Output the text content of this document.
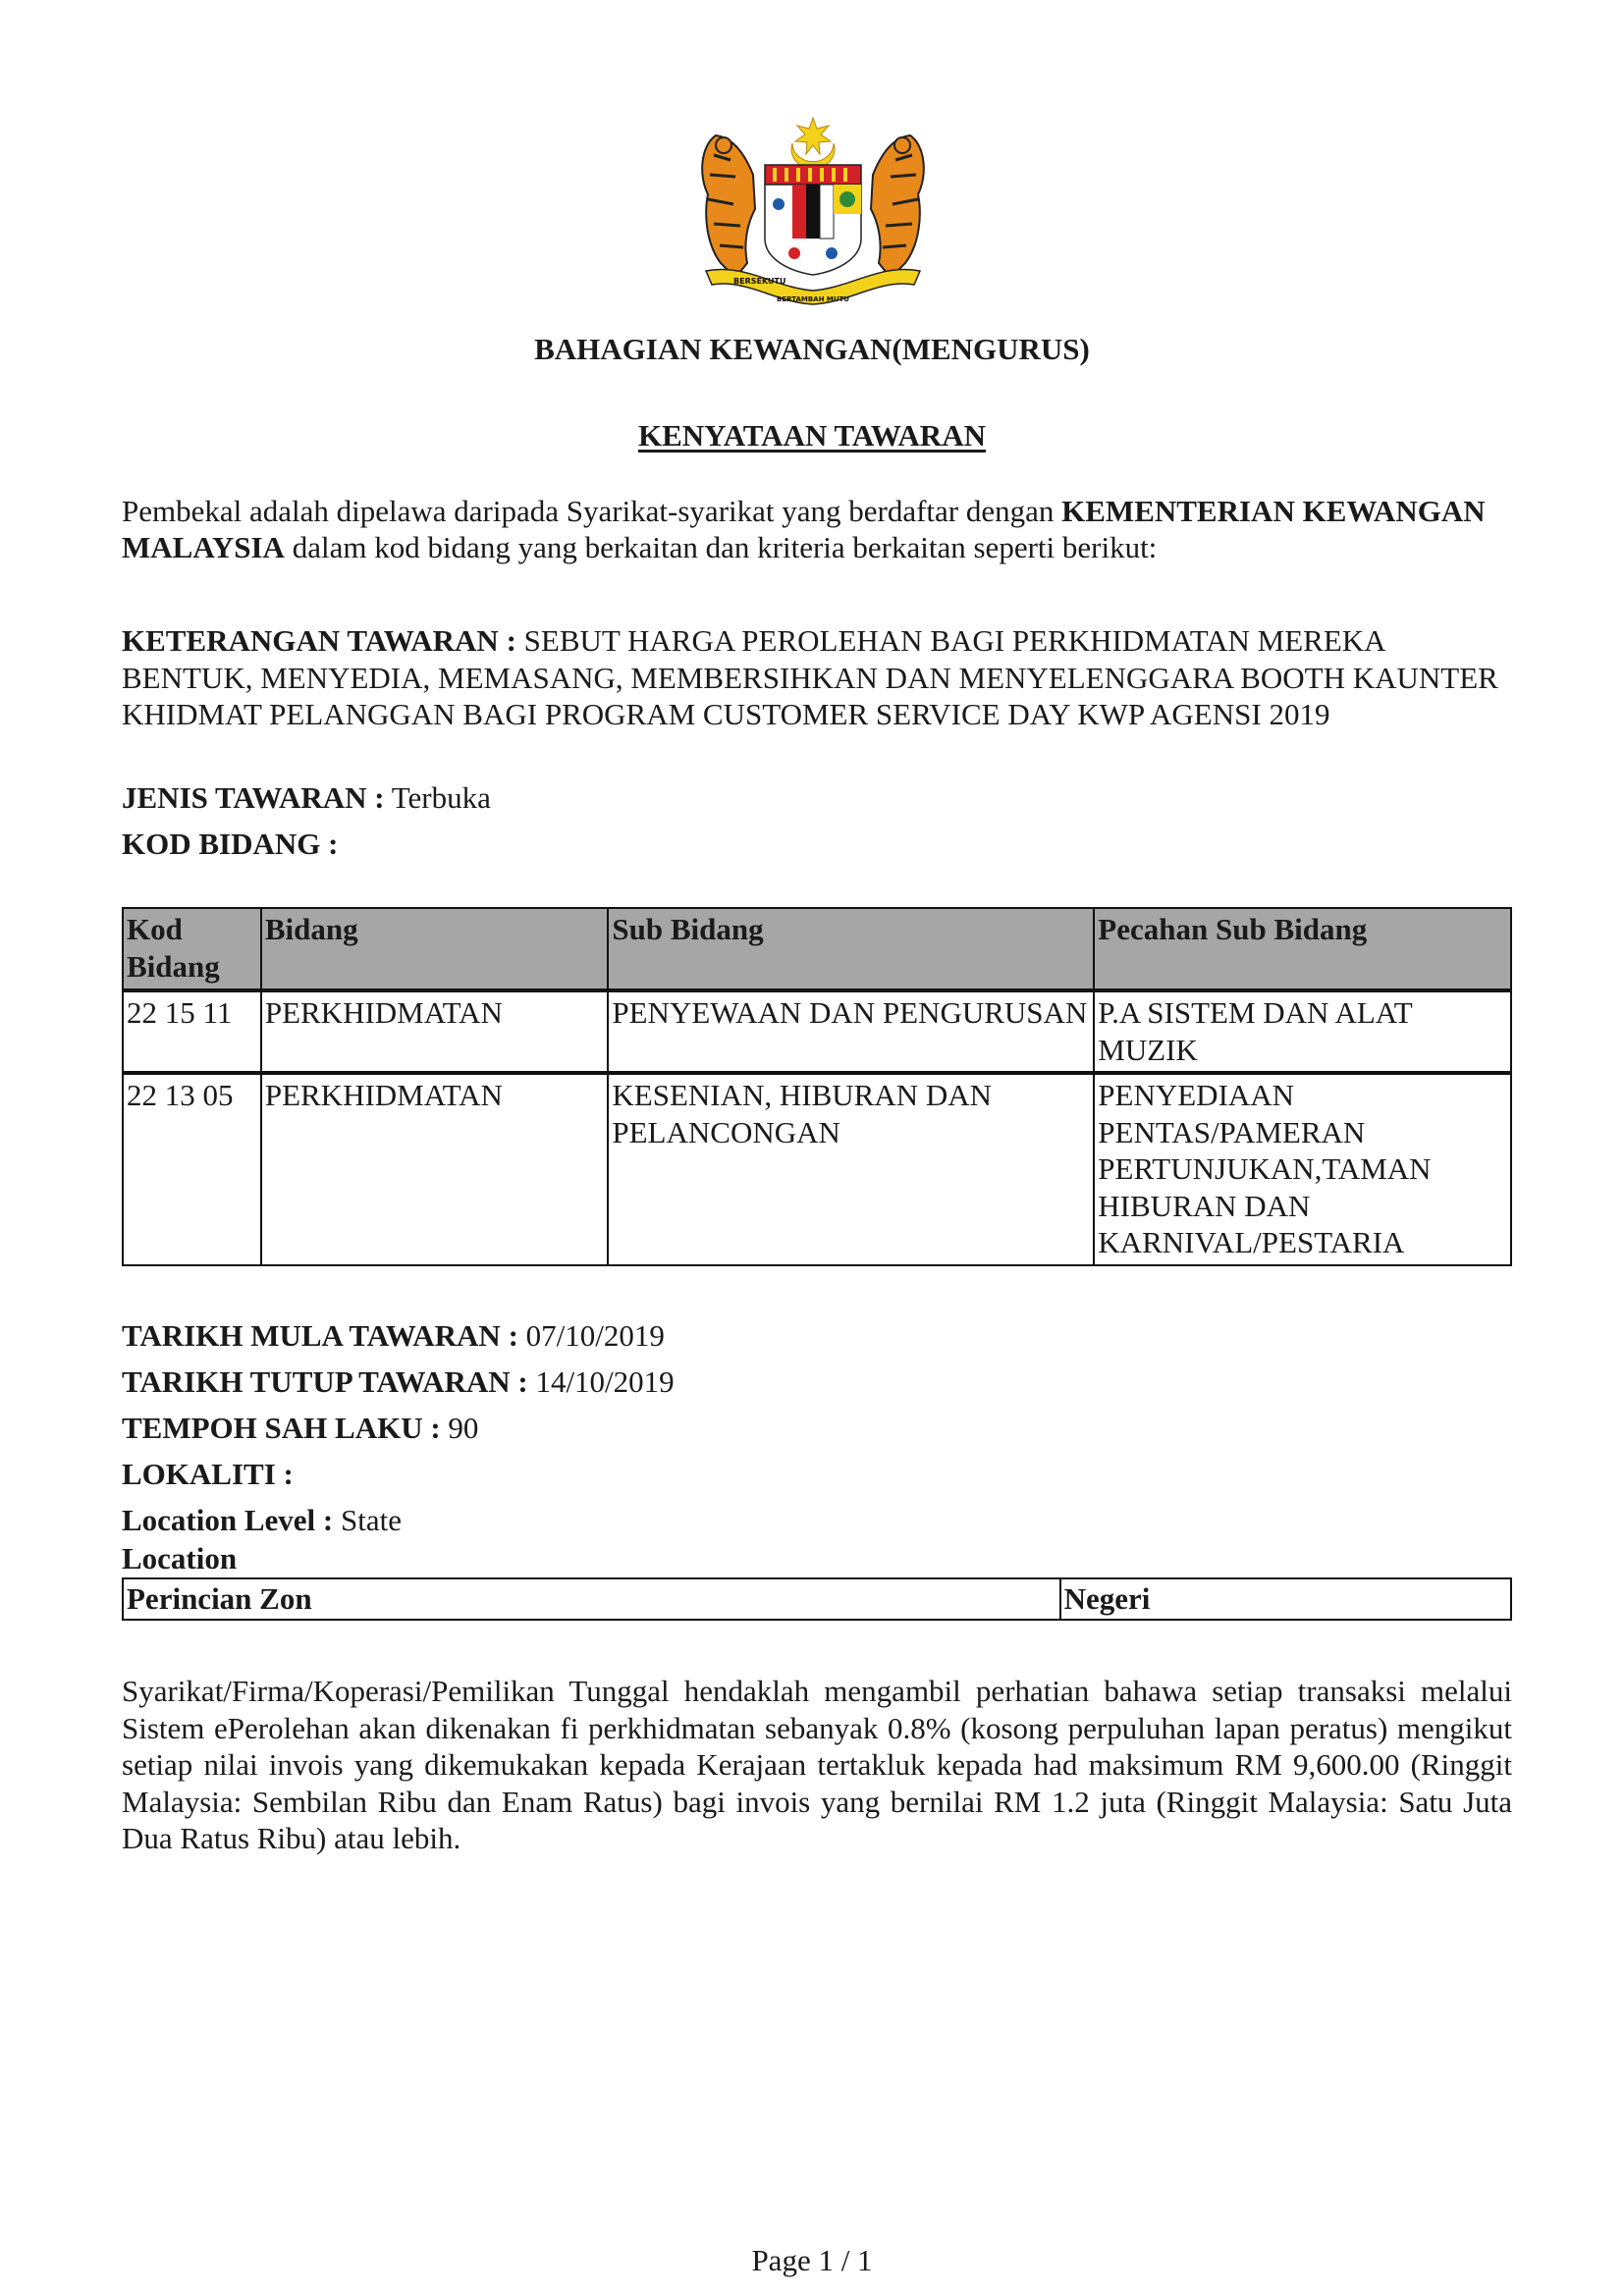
BERSEKUTU
BERTAMBAH MUTU
BAHAGIAN KEWANGAN(MENGURUS)
KENYATAAN TAWARAN
Pembekal adalah dipelawa daripada Syarikat-syarikat yang berdaftar dengan KEMENTERIAN KEWANGAN MALAYSIA dalam kod bidang yang berkaitan dan kriteria berkaitan seperti berikut:
KETERANGAN TAWARAN : SEBUT HARGA PEROLEHAN BAGI PERKHIDMATAN MEREKA BENTUK, MENYEDIA, MEMASANG, MEMBERSIHKAN DAN MENYELENGGARA BOOTH KAUNTER KHIDMAT PELANGGAN BAGI PROGRAM CUSTOMER SERVICE DAY KWP AGENSI 2019
JENIS TAWARAN : Terbuka
KOD BIDANG :
Kod Bidang	Bidang	Sub Bidang	Pecahan Sub Bidang
22 15 11	PERKHIDMATAN	PENYEWAAN DAN PENGURUSAN	P.A SISTEM DAN ALAT MUZIK
22 13 05	PERKHIDMATAN	KESENIAN, HIBURAN DAN PELANCONGAN	PENYEDIAAN PENTAS/PAMERAN PERTUNJUKAN,TAMAN HIBURAN DAN KARNIVAL/PESTARIA
TARIKH MULA TAWARAN : 07/10/2019
TARIKH TUTUP TAWARAN : 14/10/2019
TEMPOH SAH LAKU : 90
LOKALITI :
Location Level : State
Location
Perincian Zon	Negeri
Syarikat/Firma/Koperasi/Pemilikan Tunggal hendaklah mengambil perhatian bahawa setiap transaksi melalui Sistem ePerolehan akan dikenakan fi perkhidmatan sebanyak 0.8% (kosong perpuluhan lapan peratus) mengikut setiap nilai invois yang dikemukakan kepada Kerajaan tertakluk kepada had maksimum RM 9,600.00 (Ringgit Malaysia: Sembilan Ribu dan Enam Ratus) bagi invois yang bernilai RM 1.2 juta (Ringgit Malaysia: Satu Juta Dua Ratus Ribu) atau lebih.
Page 1 / 1
